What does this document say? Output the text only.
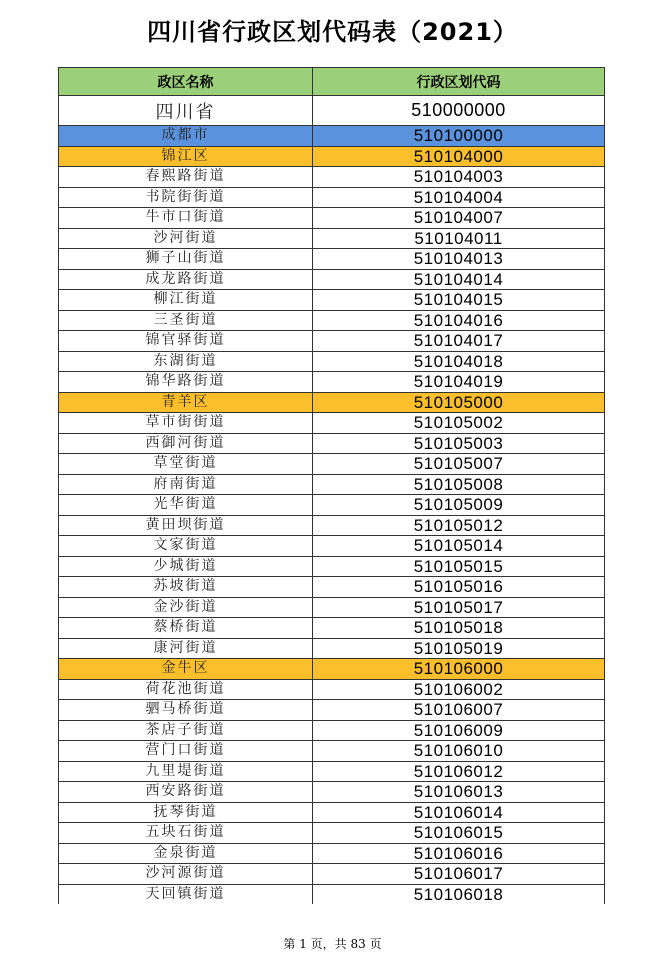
四川省行政区划代码表（2021）
政区名称	行政区划代码
四川省	510000000
成都市	510100000
锦江区	510104000
春熙路街道	510104003
书院街街道	510104004
牛市口街道	510104007
沙河街道	510104011
狮子山街道	510104013
成龙路街道	510104014
柳江街道	510104015
三圣街道	510104016
锦官驿街道	510104017
东湖街道	510104018
锦华路街道	510104019
青羊区	510105000
草市街街道	510105002
西御河街道	510105003
草堂街道	510105007
府南街道	510105008
光华街道	510105009
黄田坝街道	510105012
文家街道	510105014
少城街道	510105015
苏坡街道	510105016
金沙街道	510105017
蔡桥街道	510105018
康河街道	510105019
金牛区	510106000
荷花池街道	510106002
驷马桥街道	510106007
茶店子街道	510106009
营门口街道	510106010
九里堤街道	510106012
西安路街道	510106013
抚琴街道	510106014
五块石街道	510106015
金泉街道	510106016
沙河源街道	510106017
天回镇街道	510106018
第 1 页，共 83 页
